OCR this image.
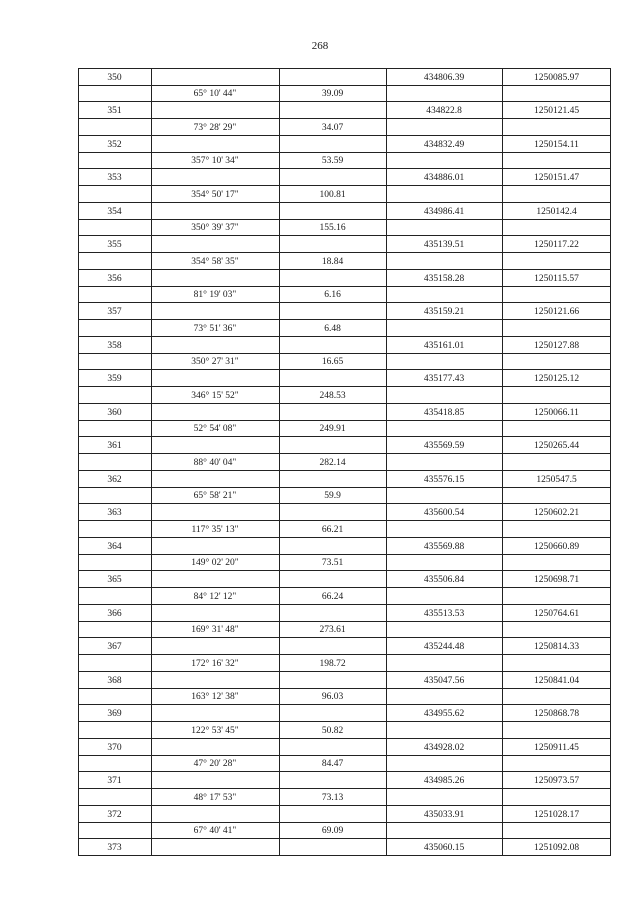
268
350	434806.39	1250085.97
65° 10' 44"	39.09
351	434822.8	1250121.45
73° 28' 29"	34.07
352	434832.49	1250154.11
357° 10' 34"	53.59
353	434886.01	1250151.47
354° 50' 17"	100.81
354	434986.41	1250142.4
350° 39' 37"	155.16
355	435139.51	1250117.22
354° 58' 35"	18.84
356	435158.28	1250115.57
81° 19' 03"	6.16
357	435159.21	1250121.66
73° 51' 36"	6.48
358	435161.01	1250127.88
350° 27' 31"	16.65
359	435177.43	1250125.12
346° 15' 52"	248.53
360	435418.85	1250066.11
52° 54' 08"	249.91
361	435569.59	1250265.44
88° 40' 04"	282.14
362	435576.15	1250547.5
65° 58' 21"	59.9
363	435600.54	1250602.21
117° 35' 13"	66.21
364	435569.88	1250660.89
149° 02' 20"	73.51
365	435506.84	1250698.71
84° 12' 12"	66.24
366	435513.53	1250764.61
169° 31' 48"	273.61
367	435244.48	1250814.33
172° 16' 32"	198.72
368	435047.56	1250841.04
163° 12' 38"	96.03
369	434955.62	1250868.78
122° 53' 45"	50.82
370	434928.02	1250911.45
47° 20' 28"	84.47
371	434985.26	1250973.57
48° 17' 53"	73.13
372	435033.91	1251028.17
67° 40' 41"	69.09
373	435060.15	1251092.08
